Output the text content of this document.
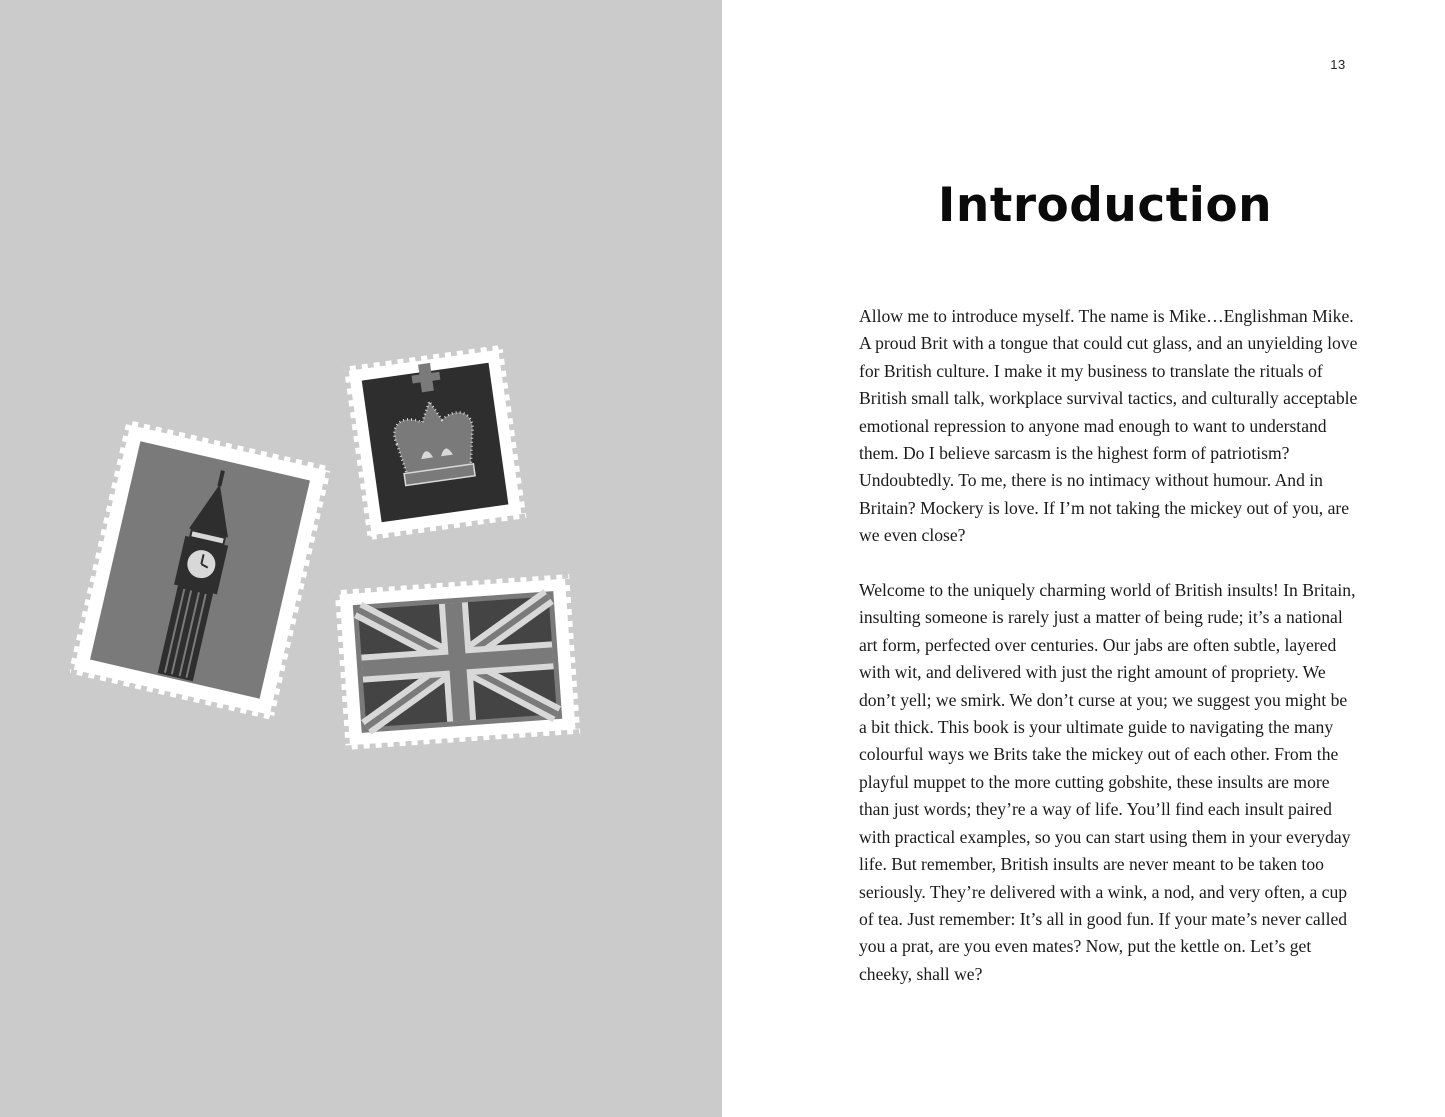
13
Introduction

Allow me to introduce myself. The name is Mike…Englishman Mike. A proud Brit with a tongue that could cut glass, and an unyielding love for British culture. I make it my business to translate the rituals of British small talk, workplace survival tactics, and culturally acceptable emotional repression to anyone mad enough to want to understand them. Do I believe sarcasm is the highest form of patriotism? Undoubtedly. To me, there is no intimacy without humour. And in Britain? Mockery is love. If I’m not taking the mickey out of you, are we even close?

Welcome to the uniquely charming world of British insults! In Britain, insulting someone is rarely just a matter of being rude; it’s a national art form, perfected over centuries. Our jabs are often subtle, layered with wit, and delivered with just the right amount of propriety. We don’t yell; we smirk. We don’t curse at you; we suggest you might be a bit thick. This book is your ultimate guide to navigating the many colourful ways we Brits take the mickey out of each other. From the playful muppet to the more cutting gobshite, these insults are more than just words; they’re a way of life. You’ll find each insult paired with practical examples, so you can start using them in your everyday life. But remember, British insults are never meant to be taken too seriously. They’re delivered with a wink, a nod, and very often, a cup of tea. Just remember: It’s all in good fun. If your mate’s never called you a prat, are you even mates? Now, put the kettle on. Let’s get cheeky, shall we?
